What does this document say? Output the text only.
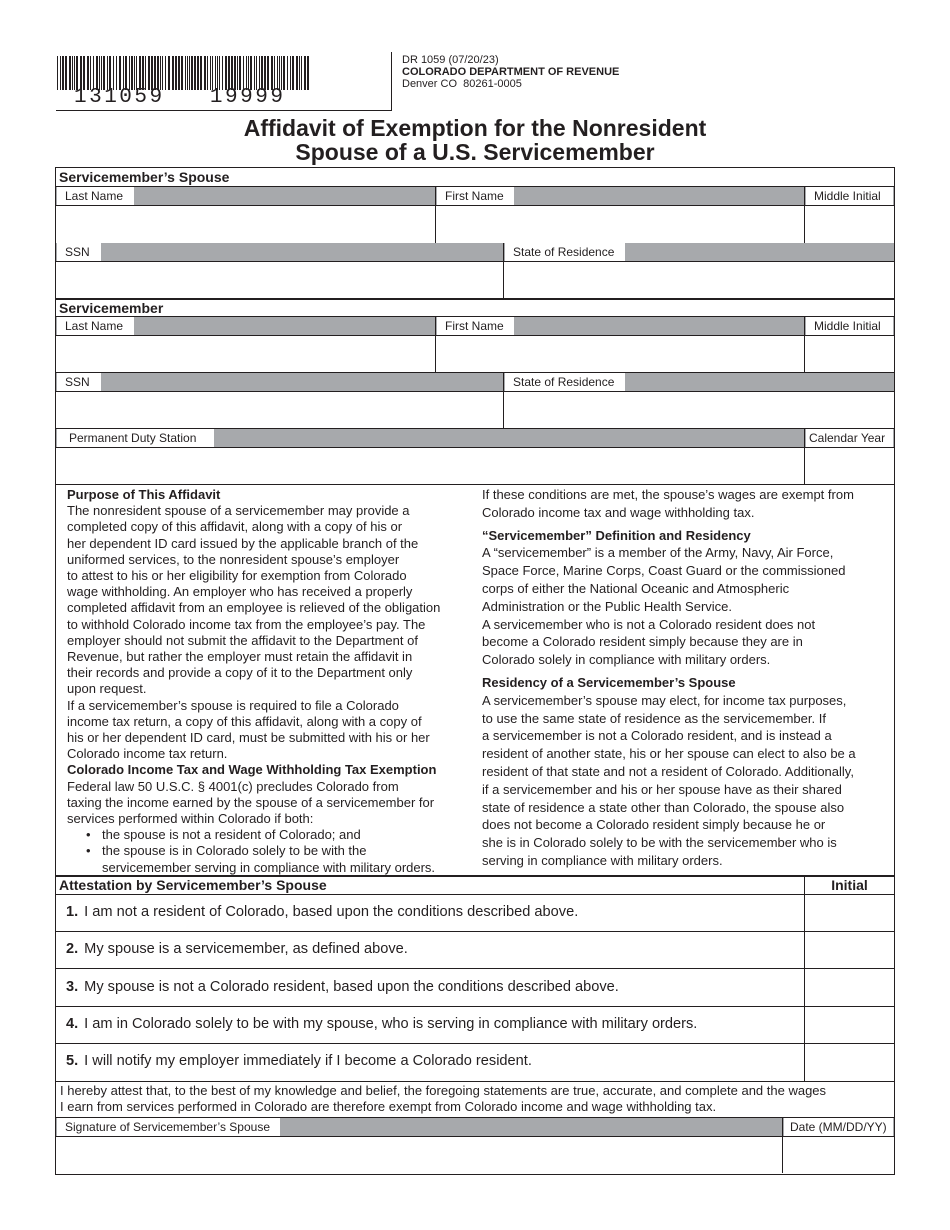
131059   19999
DR 1059 (07/20/23)
COLORADO DEPARTMENT OF REVENUE
Denver CO  80261-0005
Affidavit of Exemption for the Nonresident
Spouse of a U.S. Servicemember
Servicemember’s Spouse
Last Name	First Name	Middle Initial
SSN	State of Residence
Servicemember
Last Name	First Name	Middle Initial
SSN	State of Residence
Permanent Duty Station	Calendar Year

Purpose of This Affidavit

The nonresident spouse of a servicemember may provide a
completed copy of this affidavit, along with a copy of his or
her dependent ID card issued by the applicable branch of the
uniformed services, to the nonresident spouse’s employer
to attest to his or her eligibility for exemption from Colorado
wage withholding. An employer who has received a properly
completed affidavit from an employee is relieved of the obligation
to withhold Colorado income tax from the employee’s pay. The
employer should not submit the affidavit to the Department of
Revenue, but rather the employer must retain the affidavit in
their records and provide a copy of it to the Department only
upon request.
If a servicemember’s spouse is required to file a Colorado
income tax return, a copy of this affidavit, along with a copy of
his or her dependent ID card, must be submitted with his or her
Colorado income tax return.

Colorado Income Tax and Wage Withholding Tax Exemption

Federal law 50 U.S.C. § 4001(c) precludes Colorado from
taxing the income earned by the spouse of a servicemember for
services performed within Colorado if both:
• the spouse is not a resident of Colorado; and
• the spouse is in Colorado solely to be with the
servicemember serving in compliance with military orders.
If these conditions are met, the spouse’s wages are exempt from
Colorado income tax and wage withholding tax.

“Servicemember” Definition and Residency

A “servicemember” is a member of the Army, Navy, Air Force,
Space Force, Marine Corps, Coast Guard or the commissioned
corps of either the National Oceanic and Atmospheric
Administration or the Public Health Service.
A servicemember who is not a Colorado resident does not
become a Colorado resident simply because they are in
Colorado solely in compliance with military orders.

Residency of a Servicemember’s Spouse

A servicemember’s spouse may elect, for income tax purposes,
to use the same state of residence as the servicemember. If
a servicemember is not a Colorado resident, and is instead a
resident of another state, his or her spouse can elect to also be a
resident of that state and not a resident of Colorado. Additionally,
if a servicemember and his or her spouse have as their shared
state of residence a state other than Colorado, the spouse also
does not become a Colorado resident simply because he or
she is in Colorado solely to be with the servicemember who is
serving in compliance with military orders.
Attestation by Servicemember’s Spouse	Initial
1. I am not a resident of Colorado, based upon the conditions described above.
2. My spouse is a servicemember, as defined above.
3. My spouse is not a Colorado resident, based upon the conditions described above.
4. I am in Colorado solely to be with my spouse, who is serving in compliance with military orders.
5. I will notify my employer immediately if I become a Colorado resident.
I hereby attest that, to the best of my knowledge and belief, the foregoing statements are true, accurate, and complete and the wages
I earn from services performed in Colorado are therefore exempt from Colorado income and wage withholding tax.
Signature of Servicemember’s Spouse	Date (MM/DD/YY)
